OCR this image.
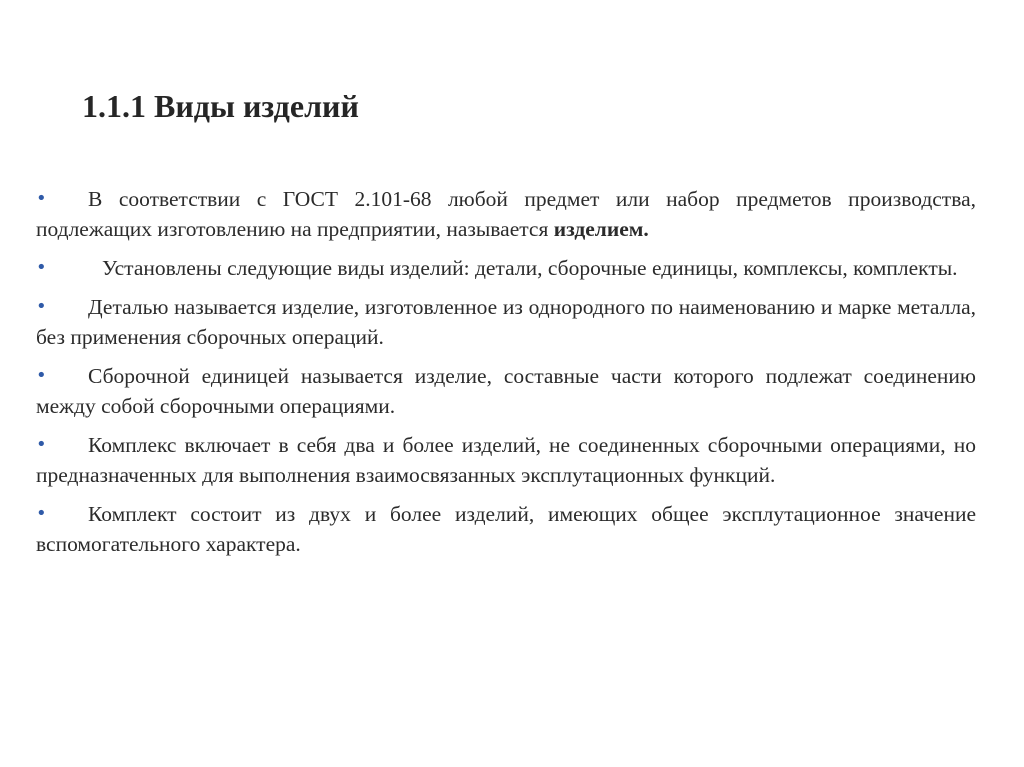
1.1.1 Виды изделий
•	В соответствии с ГОСТ 2.101-68 любой предмет или набор предметов производства, подлежащих изготовлению на предприятии, называется изделием.

•	Установлены следующие виды изделий: детали, сборочные единицы, комплексы, комплекты.

•	Деталью называется изделие, изготовленное из однородного по наименованию и марке металла, без применения сборочных операций.

•	Сборочной единицей называется изделие, составные части которого подлежат соединению между собой сборочными операциями.

•	Комплекс включает в себя два и более изделий, не соединенных сборочными операциями, но предназначенных для выполнения взаимосвязанных эксплутационных функций.

•	Комплект состоит из двух и более изделий, имеющих общее эксплутационное значение вспомогательного характера.
